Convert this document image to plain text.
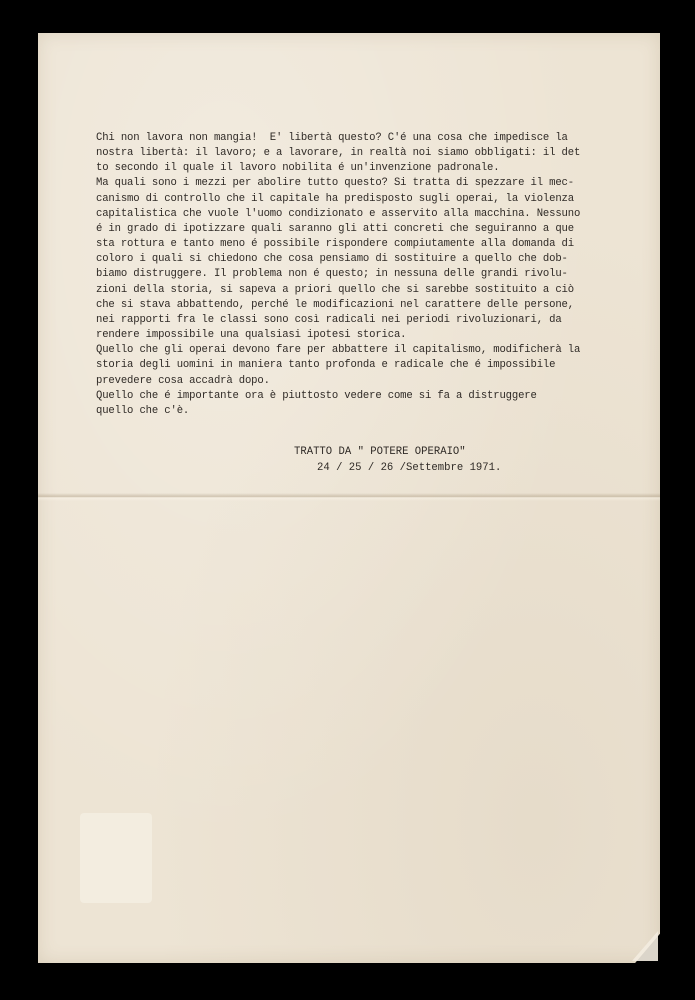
Chi non lavora non mangia!  E' libertà questo? C'é una cosa che impedisce la
nostra libertà: il lavoro; e a lavorare, in realtà noi siamo obbligati: il det
to secondo il quale il lavoro nobilita é un'invenzione padronale.
Ma quali sono i mezzi per abolire tutto questo? Si tratta di spezzare il mec-
canismo di controllo che il capitale ha predisposto sugli operai, la violenza
capitalistica che vuole l'uomo condizionato e asservito alla macchina. Nessuno
é in grado di ipotizzare quali saranno gli atti concreti che seguiranno a que
sta rottura e tanto meno é possibile rispondere compiutamente alla domanda di
coloro i quali si chiedono che cosa pensiamo di sostituire a quello che dob-
biamo distruggere. Il problema non é questo; in nessuna delle grandi rivolu-
zioni della storia, si sapeva a priori quello che si sarebbe sostituito a ciò
che si stava abbattendo, perché le modificazioni nel carattere delle persone,
nei rapporti fra le classi sono così radicali nei periodi rivoluzionari, da
rendere impossibile una qualsiasi ipotesi storica.
Quello che gli operai devono fare per abbattere il capitalismo, modificherà la
storia degli uomini in maniera tanto profonda e radicale che é impossibile
prevedere cosa accadrà dopo.
Quello che é importante ora è piuttosto vedere come si fa a distruggere
quello che c'è.
TRATTO DA " POTERE OPERAIO"
24 / 25 / 26 /Settembre 1971.
